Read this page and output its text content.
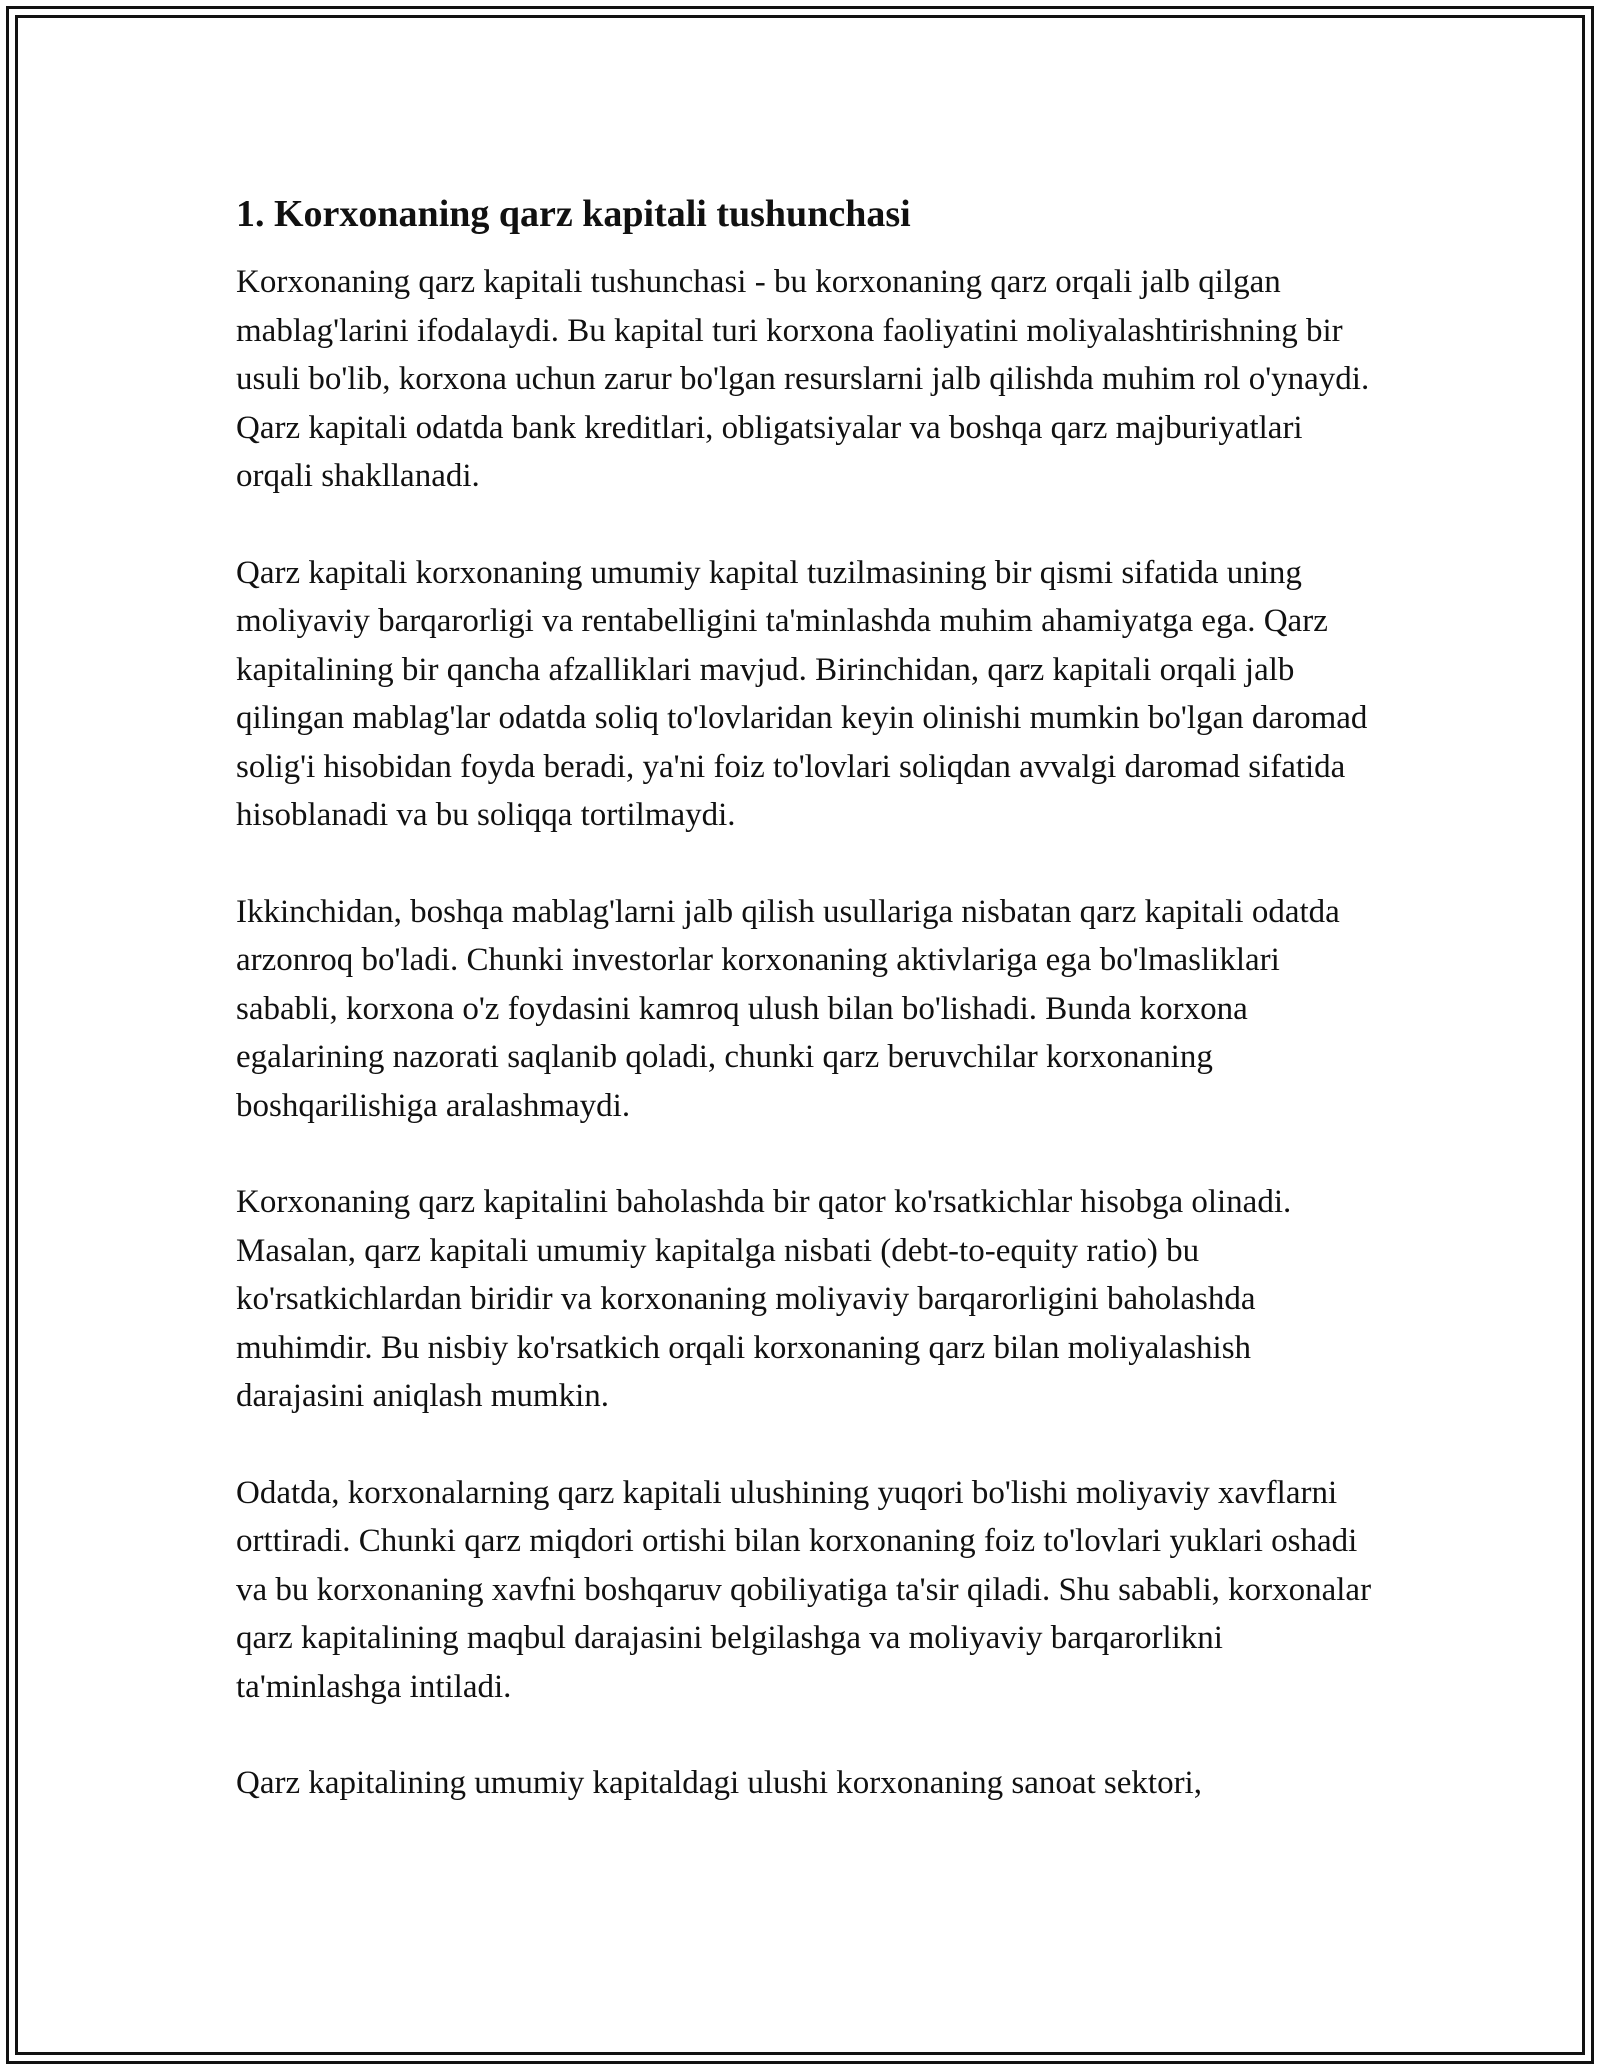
1. Korxonaning qarz kapitali tushunchasi

Korxonaning qarz kapitali tushunchasi - bu korxonaning qarz orqali jalb qilgan mablag'larini ifodalaydi. Bu kapital turi korxona faoliyatini moliyalashtirishning bir usuli bo'lib, korxona uchun zarur bo'lgan resurslarni jalb qilishda muhim rol o'ynaydi. Qarz kapitali odatda bank kreditlari, obligatsiyalar va boshqa qarz majburiyatlari orqali shakllanadi.

Qarz kapitali korxonaning umumiy kapital tuzilmasining bir qismi sifatida uning moliyaviy barqarorligi va rentabelligini ta'minlashda muhim ahamiyatga ega. Qarz kapitalining bir qancha afzalliklari mavjud. Birinchidan, qarz kapitali orqali jalb qilingan mablag'lar odatda soliq to'lovlaridan keyin olinishi mumkin bo'lgan daromad solig'i hisobidan foyda beradi, ya'ni foiz to'lovlari soliqdan avvalgi daromad sifatida hisoblanadi va bu soliqqa tortilmaydi.

Ikkinchidan, boshqa mablag'larni jalb qilish usullariga nisbatan qarz kapitali odatda arzonroq bo'ladi. Chunki investorlar korxonaning aktivlariga ega bo'lmasliklari sababli, korxona o'z foydasini kamroq ulush bilan bo'lishadi. Bunda korxona egalarining nazorati saqlanib qoladi, chunki qarz beruvchilar korxonaning boshqarilishiga aralashmaydi.

Korxonaning qarz kapitalini baholashda bir qator ko'rsatkichlar hisobga olinadi. Masalan, qarz kapitali umumiy kapitalga nisbati (debt-to-equity ratio) bu ko'rsatkichlardan biridir va korxonaning moliyaviy barqarorligini baholashda muhimdir. Bu nisbiy ko'rsatkich orqali korxonaning qarz bilan moliyalashish darajasini aniqlash mumkin.

Odatda, korxonalarning qarz kapitali ulushining yuqori bo'lishi moliyaviy xavflarni orttiradi. Chunki qarz miqdori ortishi bilan korxonaning foiz to'lovlari yuklari oshadi va bu korxonaning xavfni boshqaruv qobiliyatiga ta'sir qiladi. Shu sababli, korxonalar qarz kapitalining maqbul darajasini belgilashga va moliyaviy barqarorlikni ta'minlashga intiladi.

Qarz kapitalining umumiy kapitaldagi ulushi korxonaning sanoat sektori,
